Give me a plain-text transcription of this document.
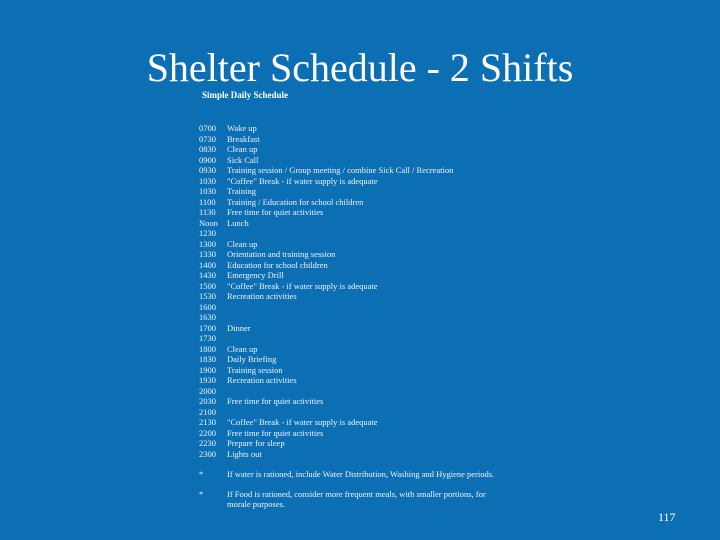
Shelter Schedule - 2 Shifts
Simple Daily Schedule
0700	Wake up
0730	Breakfast
0830	Clean up
0900	Sick Call
0930	Training session / Group meeting / combine Sick Call / Recreation
1030	"Coffee" Break - if water supply is adequate
1030	Training
1100	Training / Education for school children
1130	Free time for quiet activities
Noon	Lunch
1230
1300	Clean up
1330	Orientation and training session
1400	Education for school children
1430	Emergency Drill
1500	"Coffee" Break - if water supply is adequate
1530	Recreation activities
1600
1630
1700	Dinner
1730
1800	Clean up
1830	Daily Briefing
1900	Training session
1930	Recreation activities
2000
2030	Free time for quiet activities
2100
2130	"Coffee" Break - if water supply is adequate
2200	Free time for quiet activities
2230	Prepare for sleep
2300	Lights out
*	If water is rationed, include Water Distribution, Washing and Hygiene periods.
*	If Food is rationed, consider more frequent meals, with smaller portions, for morale purposes.
117
